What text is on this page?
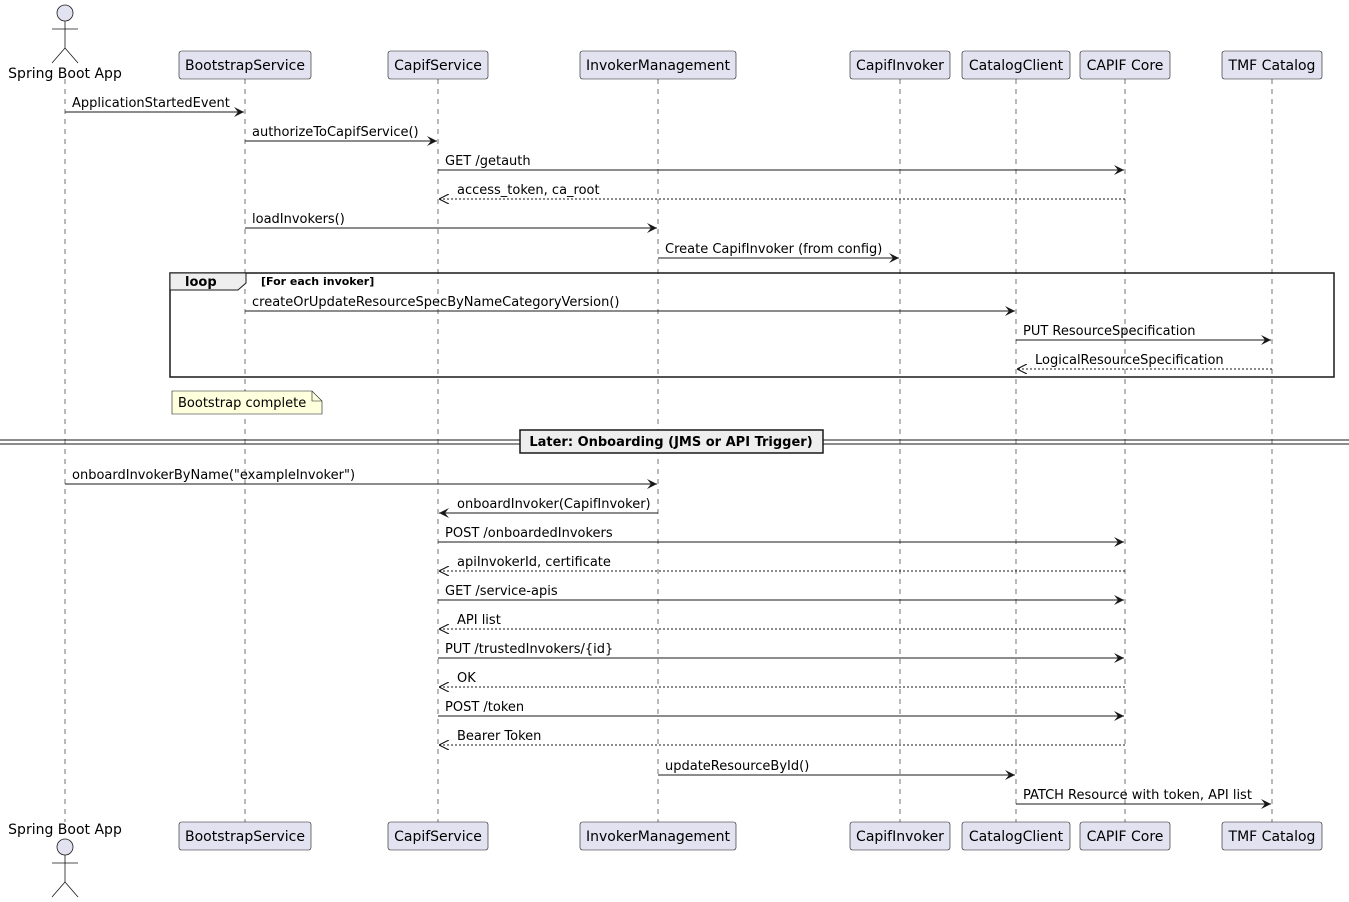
loop	[For each invoker]
Bootstrap complete
Later: Onboarding (JMS or API Trigger)
ApplicationStartedEvent
authorizeToCapifService()
GET /getauth
access_token, ca_root
loadInvokers()
Create CapifInvoker (from config)
createOrUpdateResourceSpecByNameCategoryVersion()
PUT ResourceSpecification
LogicalResourceSpecification
onboardInvokerByName("exampleInvoker")
onboardInvoker(CapifInvoker)
POST /onboardedInvokers
apiInvokerId, certificate
GET /service-apis
API list
PUT /trustedInvokers/{id}
OK
POST /token
Bearer Token
updateResourceById()
PATCH Resource with token, API list
Spring Boot App
Spring Boot App
BootstrapService
BootstrapService
CapifService
CapifService
InvokerManagement
InvokerManagement
CapifInvoker
CapifInvoker
CatalogClient
CatalogClient
CAPIF Core
CAPIF Core
TMF Catalog
TMF Catalog
